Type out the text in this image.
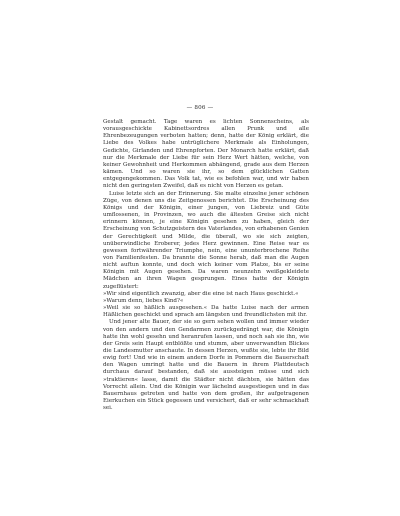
— 806 —

Gestalt gemacht. Tage waren es lichten Sonnenscheins, als vorausgeschickte Kabinettsordres allen Prunk und alle Ehrenbezeugungen verboten hatten; denn, hatte der König erklärt, die Liebe des Volkes habe untrüglichere Merkmale als Einholungen, Gedichte, Girlanden und Ehrenpforten. Der Monarch hatte erklärt, daß nur die Merkmale der Liebe für sein Herz Wert hätten, welche, von keiner Gewohnheit und Herkommen abhängend, grade aus dem Herzen kämen. Und so waren sie ihr, so dem glücklichen Gatten entgegengekommen. Das Volk tat, wie es befohlen war, und wir haben nicht den geringsten Zweifel, daß es nicht von Herzen es getan.

Luise letzte sich an der Erinnerung. Sie malte einzelne jener schönen Züge, von denen uns die Zeitgenossen berichtet. Die Erscheinung des Königs und der Königin, einer jungen, von Liebreiz und Güte umflossenen, in Provinzen, wo auch die ältesten Greise sich nicht erinnern können, je eine Königin gesehen zu haben, gleich der Erscheinung von Schutzgeistern des Vaterlandes, von erhabenen Genien der Gerechtigkeit und Milde, die überall, wo sie sich zeigten, unüberwindliche Eroberer, jedes Herz gewinnen. Eine Reise war es gewesen fortwährender Triumphe, nein, eine ununterbrochene Reihe von Familienfesten. Da brannte die Sonne herab, daß man die Augen nicht auftun konnte, und doch wich keiner vom Platze, bis er seine Königin mit Augen gesehen. Da waren neunzehn weißgekleidete Mädchen an ihren Wagen gesprungen. Eines hatte der Königin zugeflüstert:

»Wir sind eigentlich zwanzig, aber die eine ist nach Haus geschickt.«

»Warum denn, liebes Kind?«

»Weil sie so häßlich ausgesehen.« Da hatte Luise nach der armen Häßlichen geschickt und sprach am längsten und freundlichsten mit ihr.

Und jener alte Bauer, der sie so gern sehen wollen und immer wieder von den andern und den Gendarmen zurückgedrängt war, die Königin hatte ihn wohl gesehn und heranrufen lassen, und noch sah sie ihn, wie der Greis sein Haupt entblößte und stumm, aber unverwandten Blickes die Landesmutter anschaute. In dessen Herzen, wußte sie, lebte ihr Bild ewig fort! Und wie in einem andern Dorfe in Pommern die Bauerschaft den Wagen umringt hatte und die Bauern in ihrem Plattdeutsch durchaus darauf bestanden, daß sie aussteigen müsse und sich »traktieren« lasse, damit die Städter nicht dächten, sie hätten das Vorrecht allein. Und die Königin war lächelnd ausgestiegen und in das Bauernhaus getreten und hatte von dem großen, ihr aufgetragenen Eierkuchen ein Stück gegessen und versichert, daß er sehr schmackhaft sei.
